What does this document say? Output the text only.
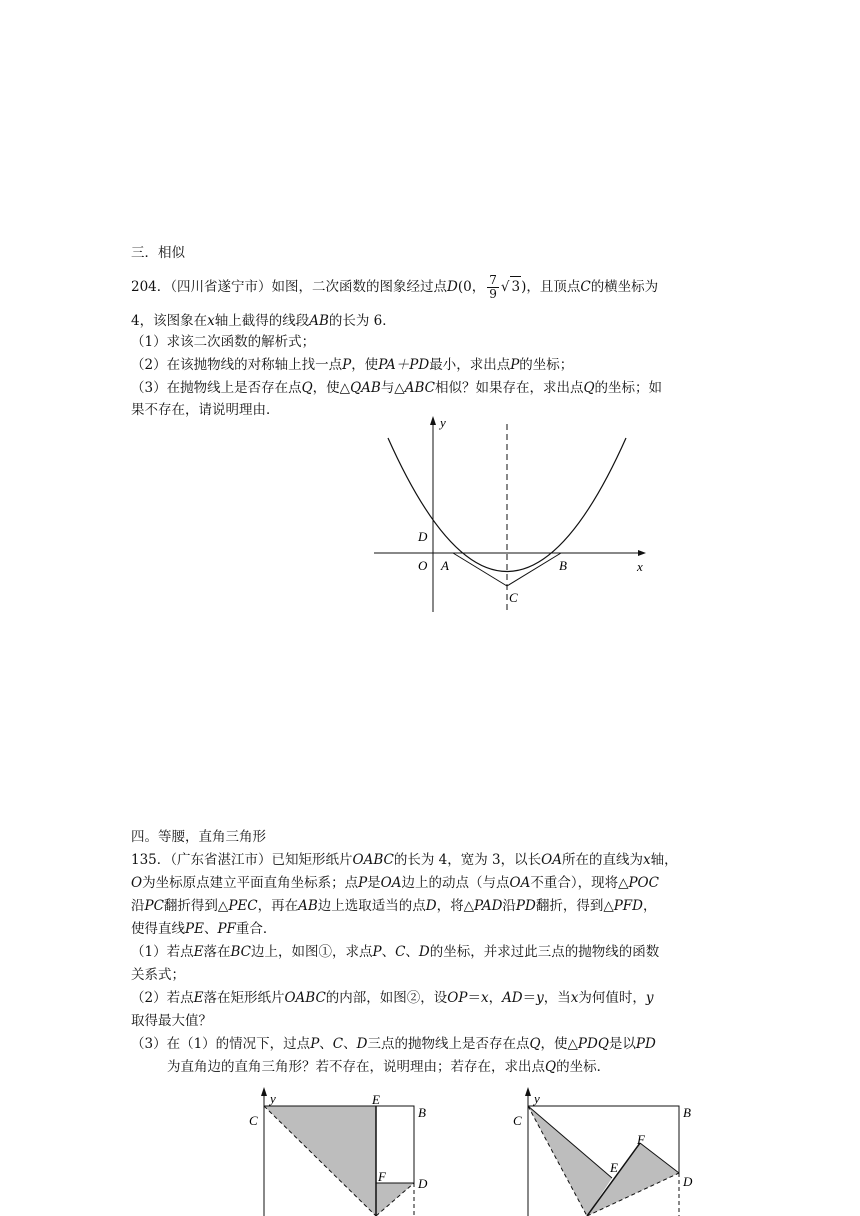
三．相似
204．（四川省遂宁市）如图，二次函数的图象经过点D(0， $\frac{7}{9}$ √ 3)，且顶点C的横坐标为
4，该图象在x轴上截得的线段AB的长为 6．
（1）求该二次函数的解析式；
（2）在该抛物线的对称轴上找一点P，使PA＋PD最小，求出点P的坐标；
（3）在抛物线上是否存在点Q，使△QAB与△ABC相似？如果存在，求出点Q的坐标；如
果不存在，请说明理由．
y
x
O A	B
C
D
四。等腰，直角三角形
135．（广东省湛江市）已知矩形纸片OABC的长为 4，宽为 3，以长OA所在的直线为x轴，
O为坐标原点建立平面直角坐标系；点P是OA边上的动点（与点OA不重合），现将△POC
沿PC翻折得到△PEC，再在AB边上选取适当的点D，将△PAD沿PD翻折，得到△PFD，
使得直线PE、PF重合．
（1）若点E落在BC边上，如图①，求点P、C、D的坐标，并求过此三点的抛物线的函数
关系式；
（2）若点E落在矩形纸片OABC的内部，如图②，设OP＝x，AD＝y，当x为何值时，y
取得最大值？
（3）在（1）的情况下，过点P、C、D三点的抛物线上是否存在点Q，使△PDQ是以PD
为直角边的直角三角形？若不存在，说明理由；若存在，求出点Q的坐标．
y
C
E
B
F D
y
C
B
F
E
D
